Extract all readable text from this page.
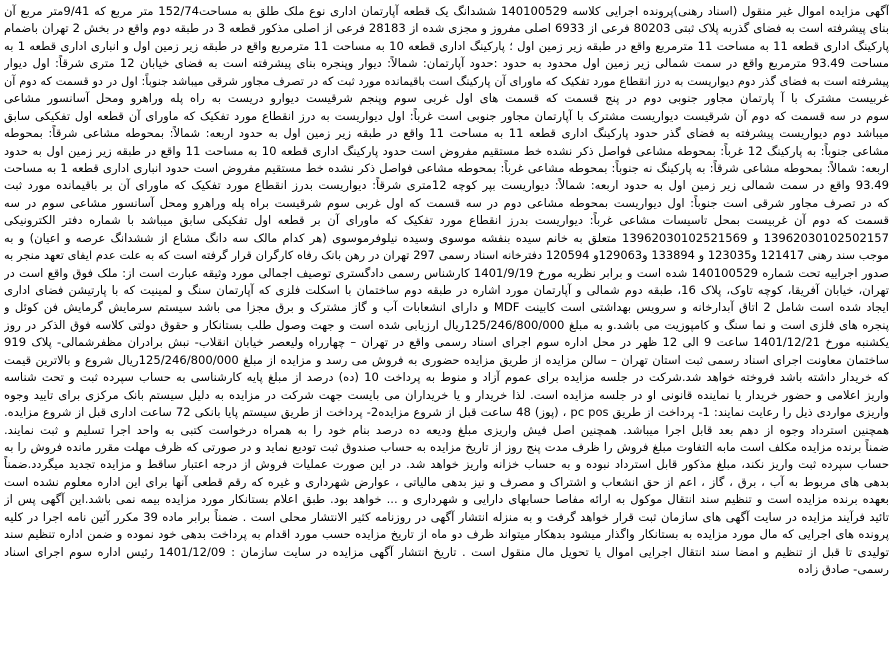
آگهی مزایده اموال غیر منقول (اسناد رهنی)پرونده اجرایی کلاسه 140100529 ششدانگ یک قطعه آپارتمان اداری نوع ملک طلق به مساحت152/74 متر مربع که 9/41متر مربع آن
بنای پیشرفته است به فضای گذربه پلاک ثبتی 80203 فرعی از 6933 اصلی مفروز و مجزی شده از 28183 فرعی از اصلی مذکور قطعه 3 در طبقه دوم واقع در بخش 2 تهران باضمام
پارکینگ اداری قطعه 11 به مساحت 11 مترمربع واقع در طبقه زیر زمین اول ؛ پارکینگ اداری قطعه 10 به مساحت 11 مترمربع واقع در طبقه زیر زمین اول و انباری اداری قطعه 1 به
مساحت 93.49 مترمربع واقع در سمت شمالی زیر زمین اول محدود به حدود :حدود آپارتمان: شمالاً: دیوار وپنجره بنای پیشرفته است به فضای خیابان 12 متری شرقاً: اول دیوار
پیشرفته است به فضای گذر دوم دیواریست به درز انقطاع مورد تفکیک که ماورای آن پارکینگ است باقیمانده مورد ثبت که در تصرف مجاور شرقی میباشد جنوباً: اول در دو قسمت که دوم آن
غربیست مشترک با آ پارتمان مجاور جنوبی دوم در پنج قسمت که قسمت های اول غربی سوم وپنجم شرقیست دیوارو دریست به راه پله وراهرو ومحل آسانسور مشاعی
سوم در سه قسمت که دوم آن شرقیست دیواریست مشترک با آپارتمان مجاور جنوبی است غرباً: اول دیواریست به درز انقطاع مورد تفکیک که ماورای آن قطعه اول تفکیکی سابق
میباشد دوم دیواریست پیشرفته به فضای گذر حدود پارکینگ اداری قطعه 11 به مساحت 11 واقع در طبقه زیر زمین اول به حدود اربعه: شمالاً: بمحوطه مشاعی شرقاً: بمحوطه
مشاعی جنوباً: به پارکینگ 12 غرباً: بمحوطه مشاعی فواصل ذکر نشده خط مستقیم مفروض است حدود پارکینگ اداری قطعه 10 به مساحت 11 واقع در طبقه زیر زمین اول به حدود
اربعه: شمالاً: بمحوطه مشاعی شرقاً: به پارکینگ نه جنوباً: بمحوطه مشاعی غرباً: بمحوطه مشاعی فواصل ذکر نشده خط مستقیم مفروض است حدود انباری اداری قطعه 1 به مساحت
93.49 واقع در سمت شمالی زیر زمین اول به حدود اربعه: شمالاً: دیواریست بپر کوچه 12متری شرقاً: دیواریست بدرز انقطاع مورد تفکیک که ماورای آن بر باقیمانده مورد ثبت
که در تصرف مجاور شرقی است جنوباً: اول دیواریست بمحوطه مشاعی دوم در سه قسمت که اول غربی سوم شرقیست براه پله وراهرو ومحل آسانسور مشاعی سوم در سه
قسمت که دوم آن غربیست بمحل تاسیسات مشاعی غرباً: دیواریست بدرز انقطاع مورد تفکیک که ماورای آن بر قطعه اول تفکیکی سابق میباشد با شماره دفتر الکترونیکی
13962030102502157 و 13962030102521569 متعلق به خانم سیده بنفشه موسوی وسیده نیلوفرموسوی (هر کدام مالک سه دانگ مشاع از ششدانگ عرصه و اعیان) و به
موجب سند رهنی 121417 و123035 و 133894 و129063و 120594 دفترخانه اسناد رسمی 297 تهران در رهن بانک رفاه کارگران قرار گرفته است که به علت عدم ایفای تعهد منجر به
صدور اجراییه تحت شماره 140100529 شده است و برابر نظریه مورخ 1401/9/19 کارشناس رسمی دادگستری توصیف اجمالی مورد وثیقه عبارت است از: ملک فوق واقع است در
تهران، خیابان آفریقا، کوچه تاوک، پلاک 16، طبقه دوم شمالی و آپارتمان مورد اشاره در طبقه دوم ساختمان با اسکلت فلزی که آپارتمان سنگ و لمینیت که با پارتیشن فضای اداری
ایجاد شده است شامل 2 اتاق آبدارخانه و سرویس بهداشتی است کابینت MDF و دارای انشعابات آب و گاز مشترک و برق مجزا می باشد سیستم سرمایش گرمایش فن کوئل و
پنجره های فلزی است و نما سنگ و کامپوزیت می باشد.و به مبلغ 125/246/800/000ریال ارزیابی شده است و جهت وصول طلب بستانکار و حقوق دولتی کلاسه فوق الذکر در روز
یکشنبه مورخ 1401/12/21 ساعت 9 الی 12 ظهر در محل اداره سوم اجرای اسناد رسمی واقع در تهران – چهارراه ولیعصر خیابان انقلاب- نبش برادران مظفرشمالی- پلاک 919
ساختمان معاونت اجرای اسناد رسمی ثبت استان تهران – سالن مزایده از طریق مزایده حضوری به فروش می رسد و مزایده از مبلغ 125/246/800/000ریال شروع و بالاترین قیمت
که خریدار داشته باشد فروخته خواهد شد.شرکت در جلسه مزایده برای عموم آزاد و منوط به پرداخت 10 (ده) درصد از مبلغ پایه کارشناسی به حساب سپرده ثبت و تحت شناسه
واریز اعلامی و حضور خریدار یا نماینده قانونی او در جلسه مزایده است. لذا خریدار و یا خریداران می بایست جهت شرکت در مزایده به دلیل سیستم بانک مرکزی برای تایید وجوه
واریزی مواردی ذیل را رعایت نمایند: 1- پرداخت از طریق pc pos ، (پوز) 48 ساعت قبل از شروع مزایده2- پرداخت از طریق سیستم پایا بانکی 72 ساعت اداری قبل از شروع مزایده.
همچنین استرداد وجوه از دهم بعد قابل اجرا میباشد. همچنین اصل فیش واریزی مبلغ ودیعه ده درصد بنام خود را به همراه درخواست کتبی به واحد اجرا تسلیم و ثبت نمایند.
ضمناً برنده مزایده مکلف است مابه التفاوت مبلغ فروش را ظرف مدت پنج روز از تاریخ مزایده به حساب صندوق ثبت تودیع نماید و در صورتی که ظرف مهلت مقرر مانده فروش را به
حساب سپرده ثبت واریز نکند، مبلغ مذکور قابل استرداد نبوده و به حساب خزانه واریز خواهد شد. در این صورت عملیات فروش از درجه اعتبار ساقط و مزایده تجدید میگردد.ضمناً
بدهی های مربوط به آب ، برق ، گاز ، اعم از حق انشعاب و اشتراک و مصرف و نیز بدهی مالیاتی ، عوارض شهرداری و غیره که رقم قطعی آنها برای این اداره معلوم نشده است
بعهده برنده مزایده است و تنظیم سند انتقال موکول به ارائه مفاصا حسابهای دارایی و شهرداری و ... خواهد بود. طبق اعلام بستانکار مورد مزایده بیمه نمی باشد.این آگهی پس از
تائید فرآیند مزایده در سایت آگهی های سازمان ثبت قرار خواهد گرفت و به منزله انتشار آگهی در روزنامه کثیر الانتشار محلی است . ضمناً برابر ماده 39 مکرر آئین نامه اجرا در کلیه
پرونده های اجرایی که مال مورد مزایده به بستانکار واگذار میشود بدهکار میتواند ظرف دو ماه از تاریخ مزایده حسب مورد اقدام به پرداخت بدهی خود نموده و ضمن اداره تنظیم سند
تولیدی تا قبل از تنظیم و امضا سند انتقال اجرایی اموال یا تحویل مال منقول است . تاریخ انتشار آگهی مزایده در سایت سازمان : 1401/12/09 رئیس اداره سوم اجرای اسناد
رسمی- صادق زاده
